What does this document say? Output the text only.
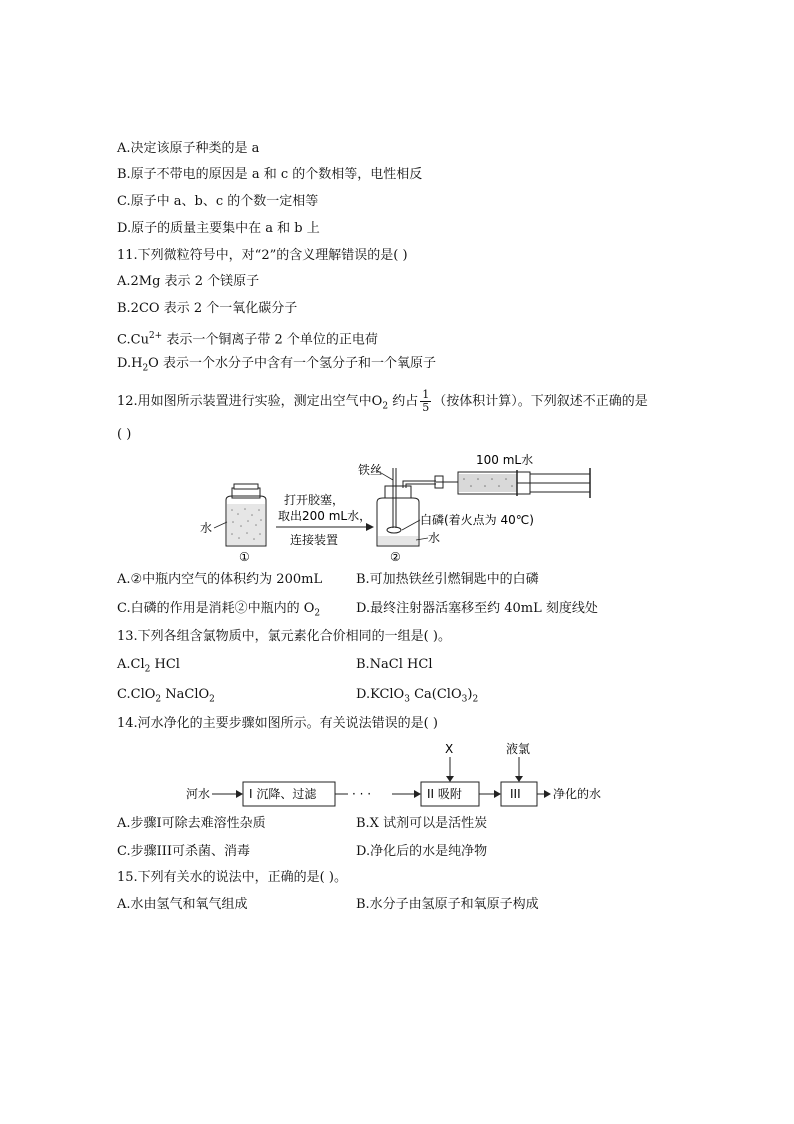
A.决定该原子种类的是 a
B.原子不带电的原因是 a 和 c 的个数相等，电性相反
C.原子中 a、b、c 的个数一定相等
D.原子的质量主要集中在 a 和 b 上
11.下列微粒符号中，对“2”的含义理解错误的是( )
A.2Mg 表示 2 个镁原子
B.2CO 表示 2 个一氧化碳分子
$C.Cu^{2+}$ 表示一个铜离子带 2 个单位的正电荷
$D.H_2O$ 表示一个水分子中含有一个氢分子和一个氧原子
12.用如图所示装置进行实验，测定出空气中$O_2$ 约占 $\frac{1}{5}$ （按体积计算）。下列叙述不正确的是
( )
水
①
打开胶塞，
取出200 mL水，
连接装置
铁丝
白磷(着火点为 40℃)
水
②
100 mL水
A.②中瓶内空气的体积约为 200mL	B.可加热铁丝引燃铜匙中的白磷
C.白磷的作用是消耗②中瓶内的 $O_2$	D.最终注射器活塞移至约 40mL 刻度线处
13.下列各组含氯物质中，氯元素化合价相同的一组是( )。
$A.Cl_2$ HCl	B.NaCl HCl
C.ClO$_2$ NaClO$_2$	D.KClO$_3$ $Ca(ClO_3)_2$
14.河水净化的主要步骤如图所示。有关说法错误的是( )
河水	I 沉降、过滤	· · ·	II 吸附
X
III
液氯
净化的水
A.步骤I可除去难溶性杂质	B.X 试剂可以是活性炭
C.步骤III可杀菌、消毒	D.净化后的水是纯净物
15.下列有关水的说法中，正确的是( )。
A.水由氢气和氧气组成	B.水分子由氢原子和氧原子构成
